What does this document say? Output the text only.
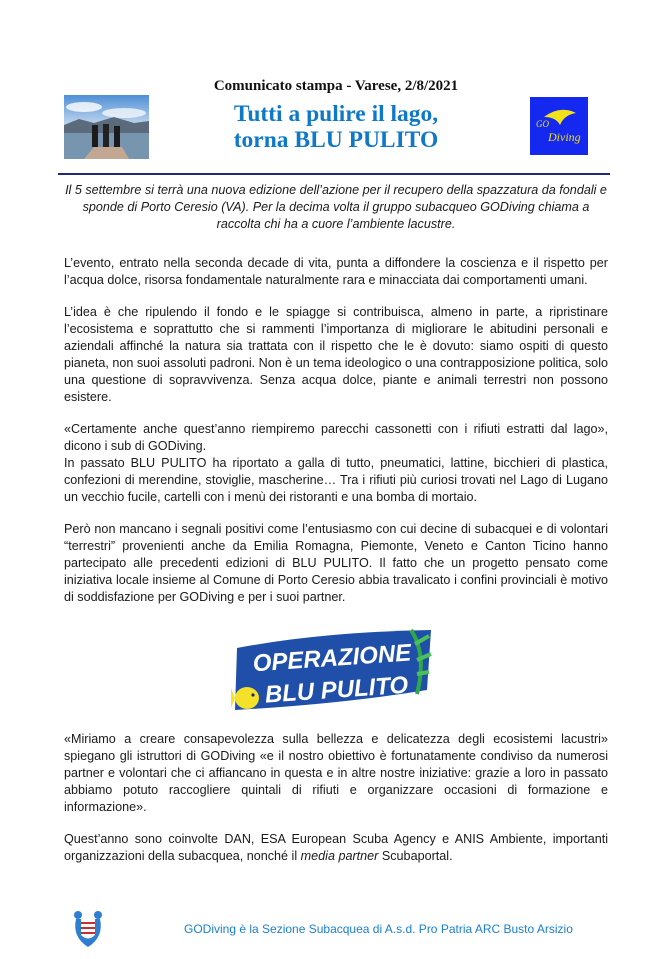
Comunicato stampa - Varese, 2/8/2021
Tutti a pulire il lago,
torna BLU PULITO
GO
Diving
Il 5 settembre si terrà una nuova edizione dell’azione per il recupero della spazzatura da fondali e sponde di Porto Ceresio (VA). Per la decima volta il gruppo subacqueo GODiving chiama a raccolta chi ha a cuore l’ambiente lacustre.
L’evento, entrato nella seconda decade di vita, punta a diffondere la coscienza e il rispetto per l’acqua dolce, risorsa fondamentale naturalmente rara e minacciata dai comportamenti umani.
L’idea è che ripulendo il fondo e le spiagge si contribuisca, almeno in parte, a ripristinare l’ecosistema e soprattutto che si rammenti l’importanza di migliorare le abitudini personali e aziendali affinché la natura sia trattata con il rispetto che le è dovuto: siamo ospiti di questo pianeta, non suoi assoluti padroni. Non è un tema ideologico o una contrapposizione politica, solo una questione di sopravvivenza. Senza acqua dolce, piante e animali terrestri non possono esistere.
«Certamente anche quest’anno riempiremo parecchi cassonetti con i rifiuti estratti dal lago», dicono i sub di GODiving.
In passato BLU PULITO ha riportato a galla di tutto, pneumatici, lattine, bicchieri di plastica, confezioni di merendine, stoviglie, mascherine… Tra i rifiuti più curiosi trovati nel Lago di Lugano un vecchio fucile, cartelli con i menù dei ristoranti e una bomba di mortaio.
Però non mancano i segnali positivi come l’entusiasmo con cui decine di subacquei e di volontari “terrestri” provenienti anche da Emilia Romagna, Piemonte, Veneto e Canton Ticino hanno partecipato alle precedenti edizioni di BLU PULITO. Il fatto che un progetto pensato come iniziativa locale insieme al Comune di Porto Ceresio abbia travalicato i confini provinciali è motivo di soddisfazione per GODiving e per i suoi partner.
OPERAZIONE
BLU PULITO
«Miriamo a creare consapevolezza sulla bellezza e delicatezza degli ecosistemi lacustri» spiegano gli istruttori di GODiving «e il nostro obiettivo è fortunatamente condiviso da numerosi partner e volontari che ci affiancano in questa e in altre nostre iniziative: grazie a loro in passato abbiamo potuto raccogliere quintali di rifiuti e organizzare occasioni di formazione e informazione».
Quest’anno sono coinvolte DAN, ESA European Scuba Agency e ANIS Ambiente, importanti organizzazioni della subacquea, nonché il media partner Scubaportal.
GODiving è la Sezione Subacquea di A.s.d. Pro Patria ARC Busto Arsizio
